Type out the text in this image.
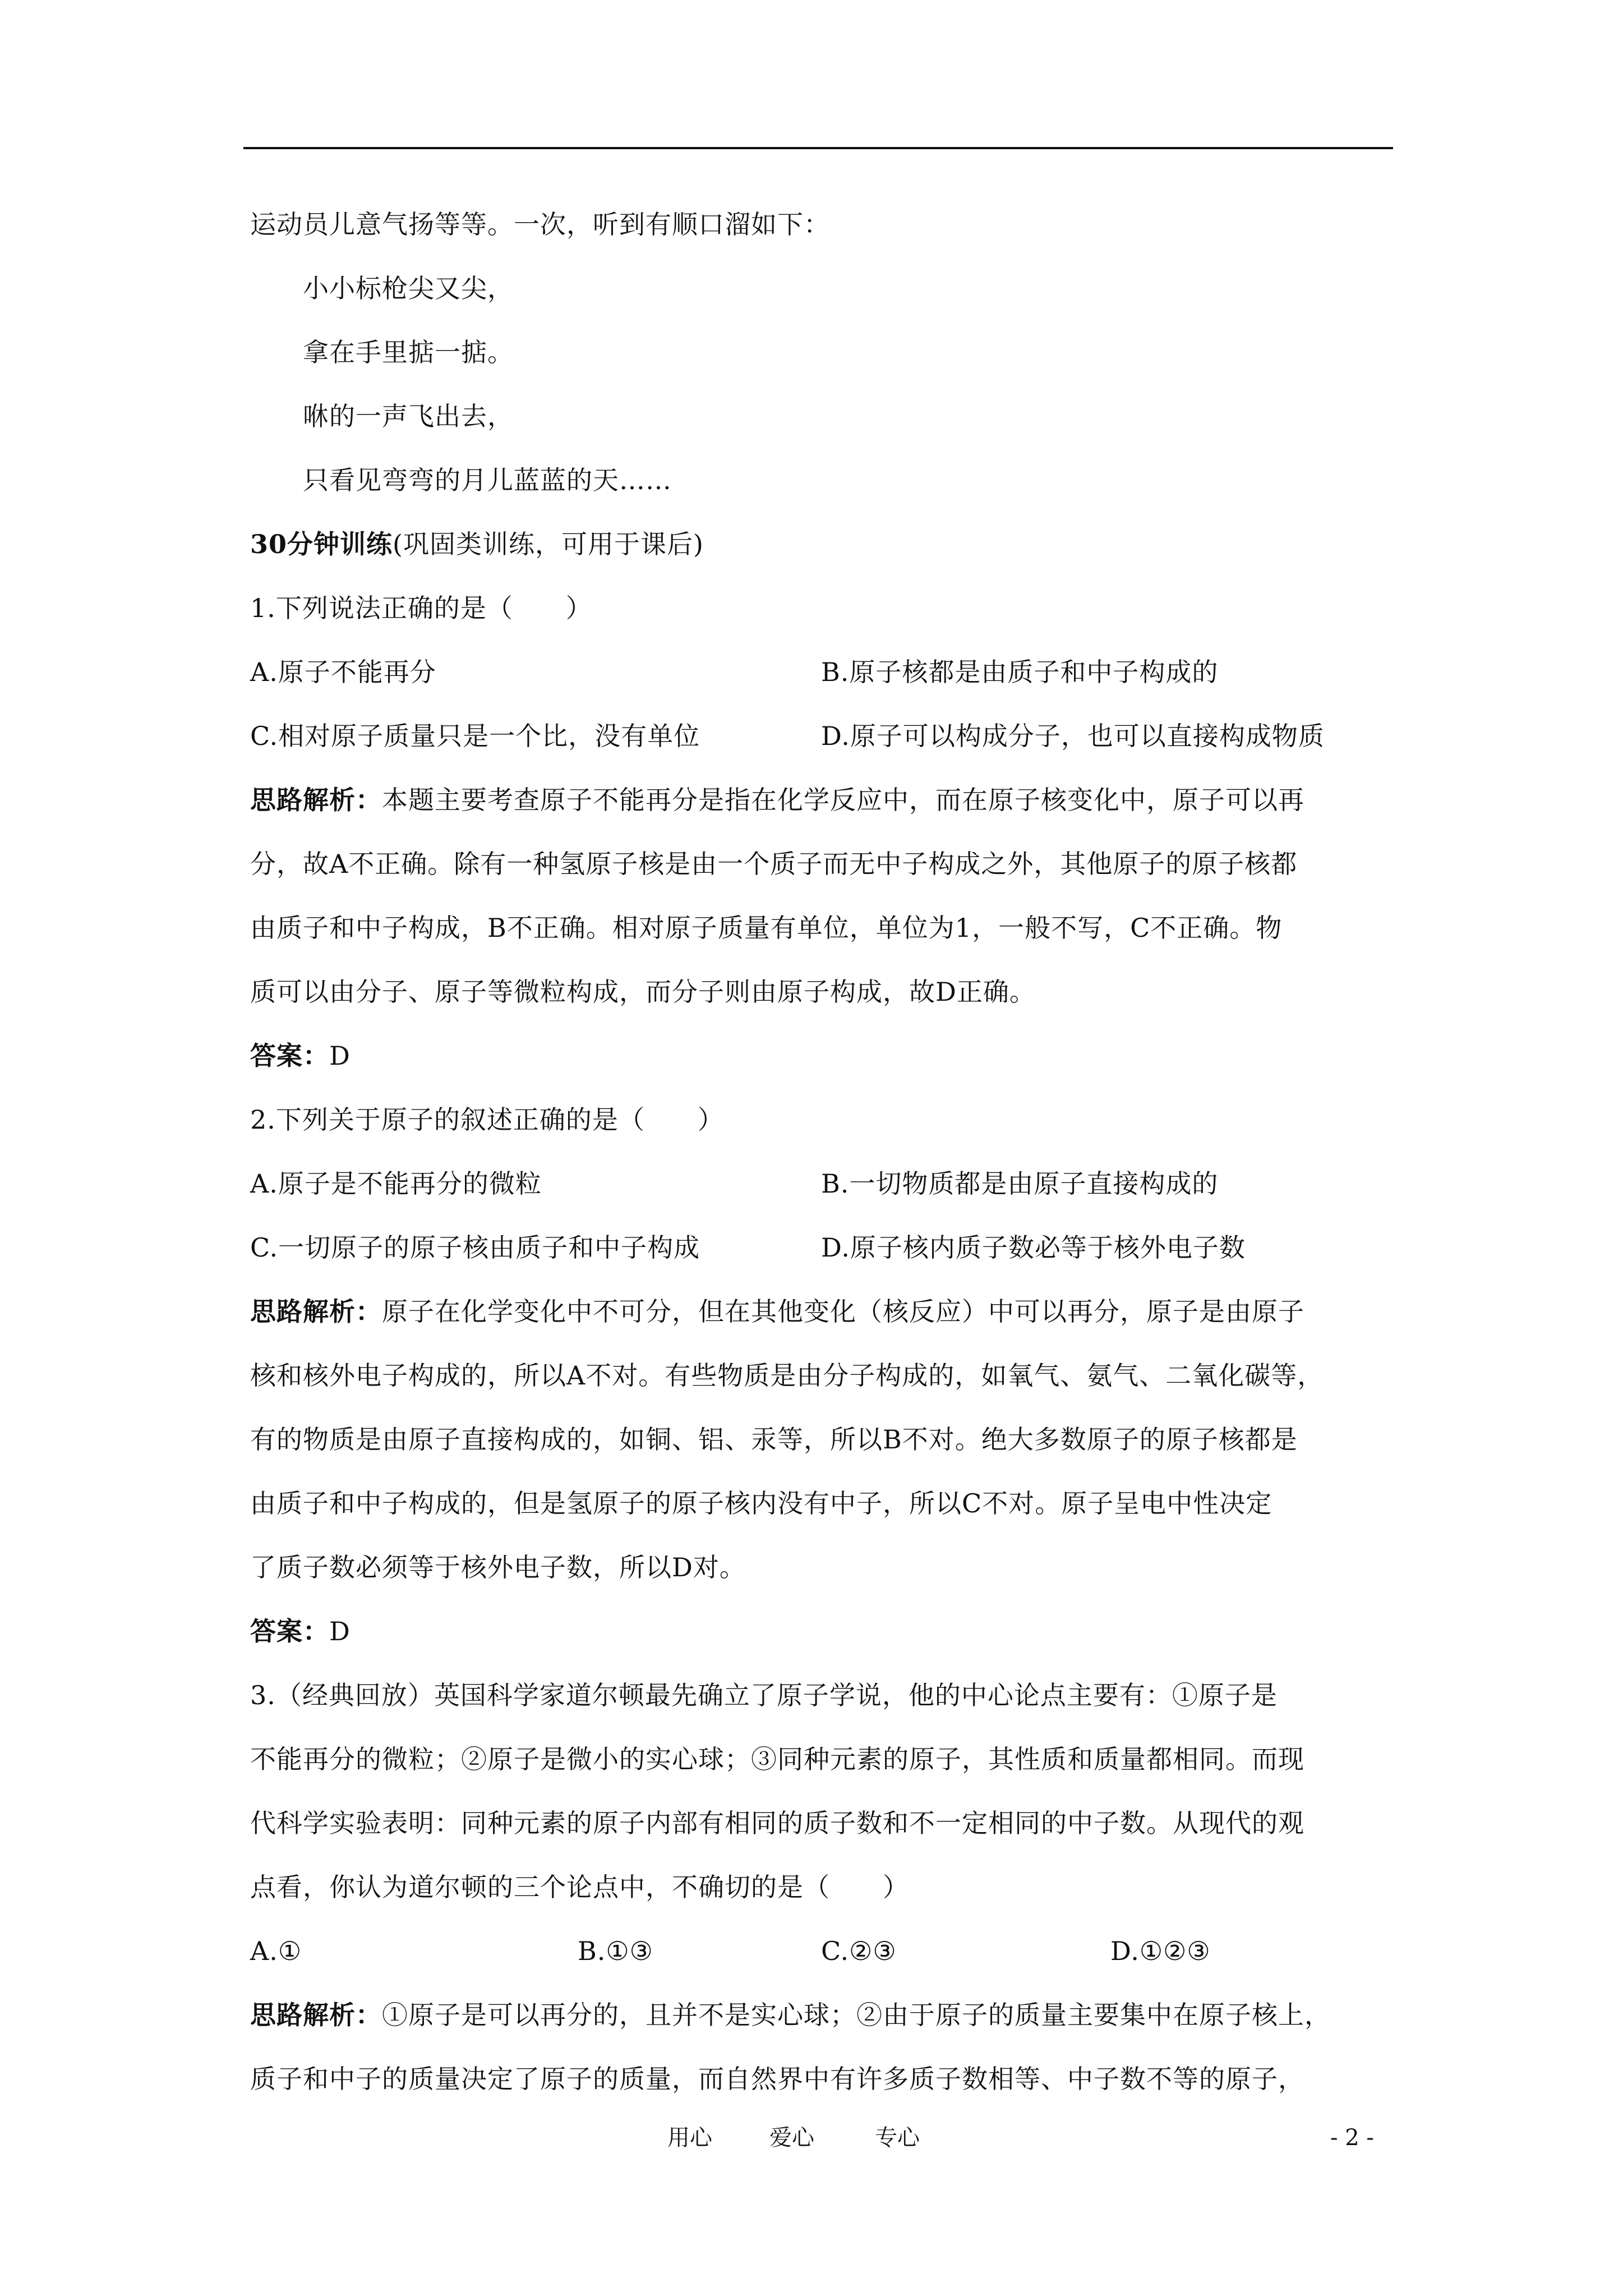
运动员儿意气扬等等。一次，听到有顺口溜如下：
小小标枪尖又尖，
拿在手里掂一掂。
咻的一声飞出去，
只看见弯弯的月儿蓝蓝的天……
30分钟训练(巩固类训练，可用于课后)
1.下列说法正确的是（　　）
A.原子不能再分	B.原子核都是由质子和中子构成的
C.相对原子质量只是一个比，没有单位	D.原子可以构成分子，也可以直接构成物质
思路解析：本题主要考查原子不能再分是指在化学反应中，而在原子核变化中，原子可以再
分，故A不正确。除有一种氢原子核是由一个质子而无中子构成之外，其他原子的原子核都
由质子和中子构成，B不正确。相对原子质量有单位，单位为1，一般不写，C不正确。物
质可以由分子、原子等微粒构成，而分子则由原子构成，故D正确。
答案：D
2.下列关于原子的叙述正确的是（　　）
A.原子是不能再分的微粒	B.一切物质都是由原子直接构成的
C.一切原子的原子核由质子和中子构成	D.原子核内质子数必等于核外电子数
思路解析：原子在化学变化中不可分，但在其他变化（核反应）中可以再分，原子是由原子
核和核外电子构成的，所以A不对。有些物质是由分子构成的，如氧气、氨气、二氧化碳等，
有的物质是由原子直接构成的，如铜、铝、汞等，所以B不对。绝大多数原子的原子核都是
由质子和中子构成的，但是氢原子的原子核内没有中子，所以C不对。原子呈电中性决定
了质子数必须等于核外电子数，所以D对。
答案：D
3.（经典回放）英国科学家道尔顿最先确立了原子学说，他的中心论点主要有：①原子是
不能再分的微粒；②原子是微小的实心球；③同种元素的原子，其性质和质量都相同。而现
代科学实验表明：同种元素的原子内部有相同的质子数和不一定相同的中子数。从现代的观
点看，你认为道尔顿的三个论点中，不确切的是（　　）
A.①	B.①③	C.②③	D.①②③
思路解析：①原子是可以再分的，且并不是实心球；②由于原子的质量主要集中在原子核上，
质子和中子的质量决定了原子的质量，而自然界中有许多质子数相等、中子数不等的原子，
用心	爱心	专心	- 2 -
